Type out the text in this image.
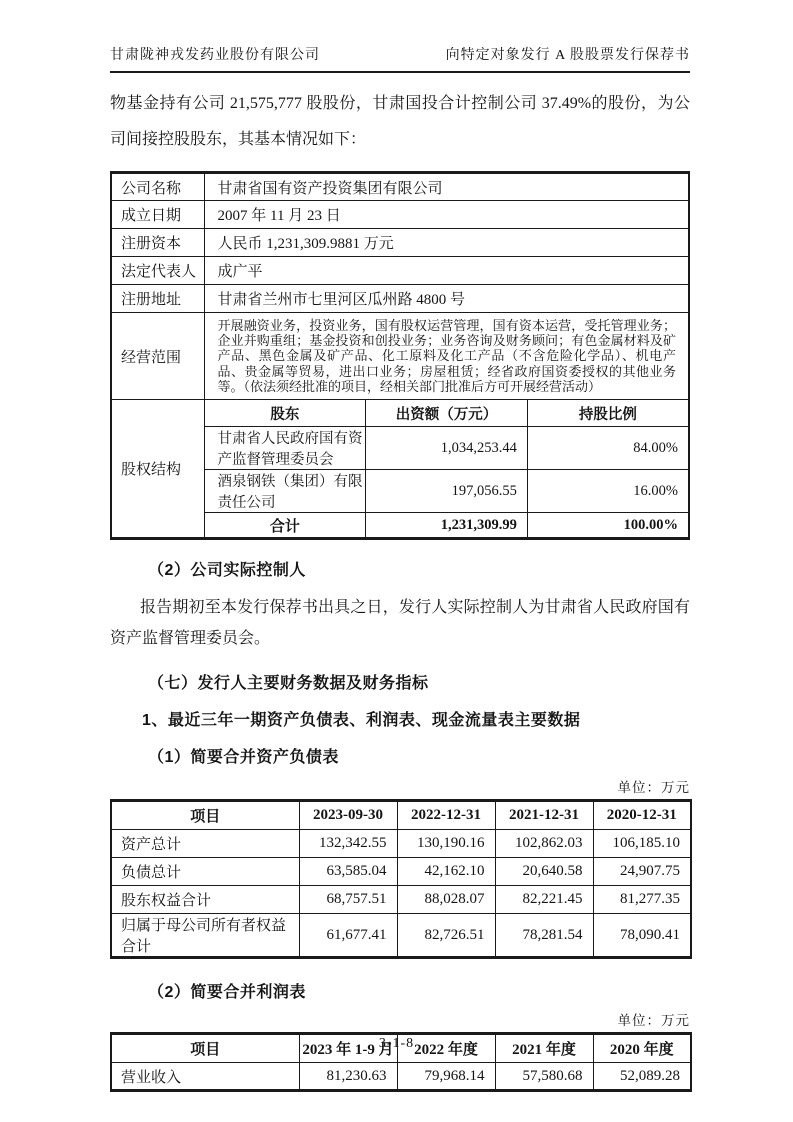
甘肃陇神戎发药业股份有限公司	向特定对象发行 A 股股票发行保荐书

物基金持有公司 21,575,777 股股份，甘肃国投合计控制公司 37.49%的股份，为公司间接控股股东，其基本情况如下：

公司名称	甘肃省国有资产投资集团有限公司		
成立日期	2007 年 11 月 23 日		
注册资本	人民币 1,231,309.9881 万元		
法定代表人	成广平		
注册地址	甘肃省兰州市七里河区瓜州路 4800 号		
经营范围	开展融资业务，投资业务，国有股权运营管理，国有资本运营，受托管理业务；企业并购重组；基金投资和创投业务；业务咨询及财务顾问；有色金属材料及矿产品、黑色金属及矿产品、化工原料及化工产品（不含危险化学品）、机电产品、贵金属等贸易，进出口业务；房屋租赁；经省政府国资委授权的其他业务等。（依法须经批准的项目，经相关部门批准后方可开展经营活动）		
股权结构	股东	出资额（万元）	持股比例
	甘肃省人民政府国有资产监督管理委员会	1,034,253.44	84.00%
	酒泉钢铁（集团）有限责任公司	197,056.55	16.00%
	合计	1,231,309.99	100.00%
（2）公司实际控制人

报告期初至本发行保荐书出具之日，发行人实际控制人为甘肃省人民政府国有资产监督管理委员会。

（七）发行人主要财务数据及财务指标
1、最近三年一期资产负债表、利润表、现金流量表主要数据
（1）简要合并资产负债表
单位：万元
项目	2023-09-30	2022-12-31	2021-12-31	2020-12-31
资产总计	132,342.55	130,190.16	102,862.03	106,185.10
负债总计	63,585.04	42,162.10	20,640.58	24,907.75
股东权益合计	68,757.51	88,028.07	82,221.45	81,277.35
归属于母公司所有者权益合计	61,677.41	82,726.51	78,281.54	78,090.41
（2）简要合并利润表
单位：万元
项目	2023 年 1-9 月	2022 年度	2021 年度	2020 年度
营业收入	81,230.63	79,968.14	57,580.68	52,089.28
3-1-8
